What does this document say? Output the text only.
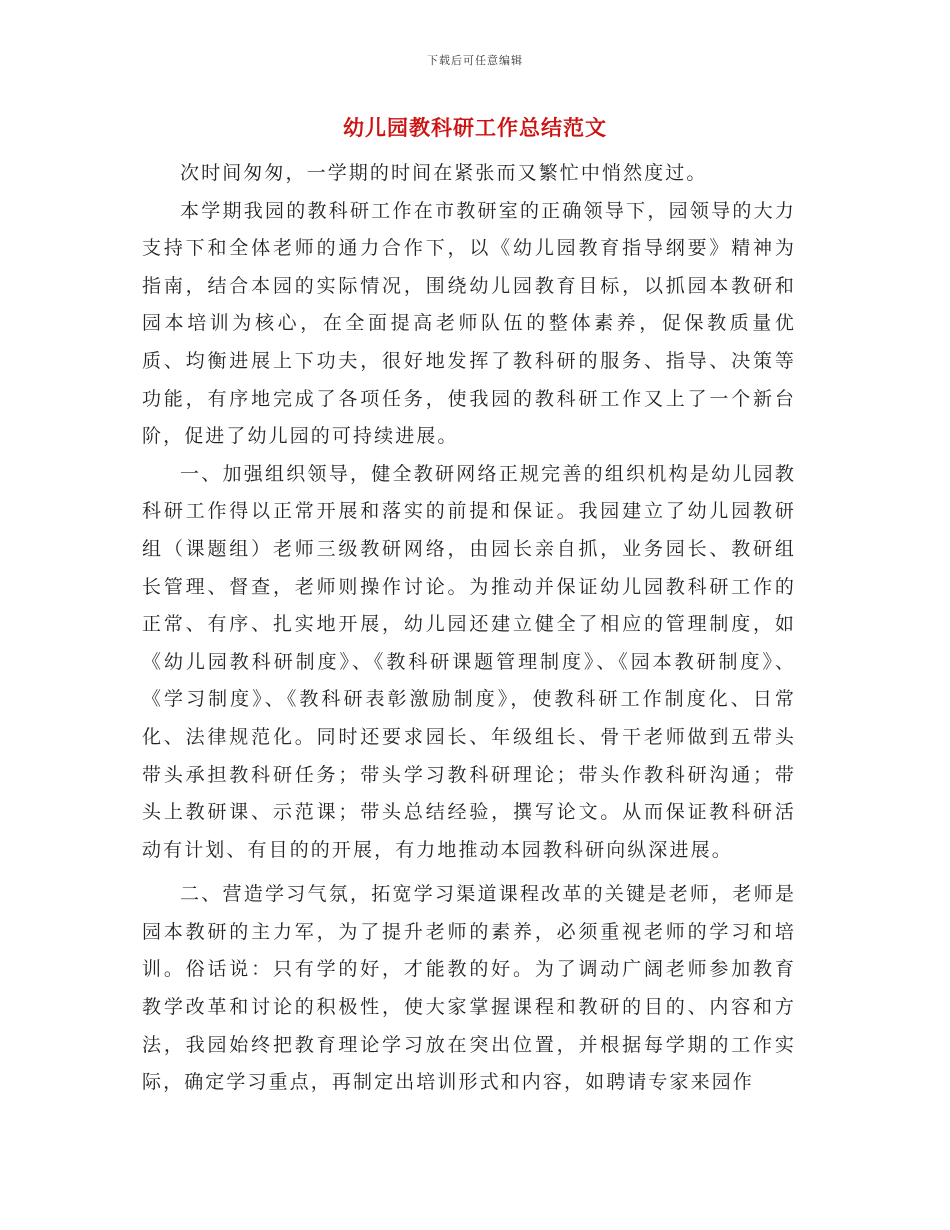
下载后可任意编辑
幼儿园教科研工作总结范文

次时间匆匆，一学期的时间在紧张而又繁忙中悄然度过。

本学期我园的教科研工作在市教研室的正确领导下，园领导的大力支持下和全体老师的通力合作下，以《幼儿园教育指导纲要》精神为指南，结合本园的实际情况，围绕幼儿园教育目标，以抓园本教研和园本培训为核心，在全面提高老师队伍的整体素养，促保教质量优质、均衡进展上下功夫，很好地发挥了教科研的服务、指导、决策等功能，有序地完成了各项任务，使我园的教科研工作又上了一个新台阶，促进了幼儿园的可持续进展。

一、加强组织领导，健全教研网络正规完善的组织机构是幼儿园教科研工作得以正常开展和落实的前提和保证。我园建立了幼儿园教研组（课题组）老师三级教研网络，由园长亲自抓，业务园长、教研组长管理、督查，老师则操作讨论。为推动并保证幼儿园教科研工作的正常、有序、扎实地开展，幼儿园还建立健全了相应的管理制度，如《幼儿园教科研制度》、《教科研课题管理制度》、《园本教研制度》、《学习制度》、《教科研表彰激励制度》，使教科研工作制度化、日常化、法律规范化。同时还要求园长、年级组长、骨干老师做到五带头带头承担教科研任务；带头学习教科研理论；带头作教科研沟通；带头上教研课、示范课；带头总结经验，撰写论文。从而保证教科研活动有计划、有目的的开展，有力地推动本园教科研向纵深进展。

二、营造学习气氛，拓宽学习渠道课程改革的关键是老师，老师是园本教研的主力军，为了提升老师的素养，必须重视老师的学习和培训。俗话说：只有学的好，才能教的好。为了调动广阔老师参加教育教学改革和讨论的积极性，使大家掌握课程和教研的目的、内容和方法，我园始终把教育理论学习放在突出位置，并根据每学期的工作实际，确定学习重点，再制定出培训形式和内容，如聘请专家来园作
